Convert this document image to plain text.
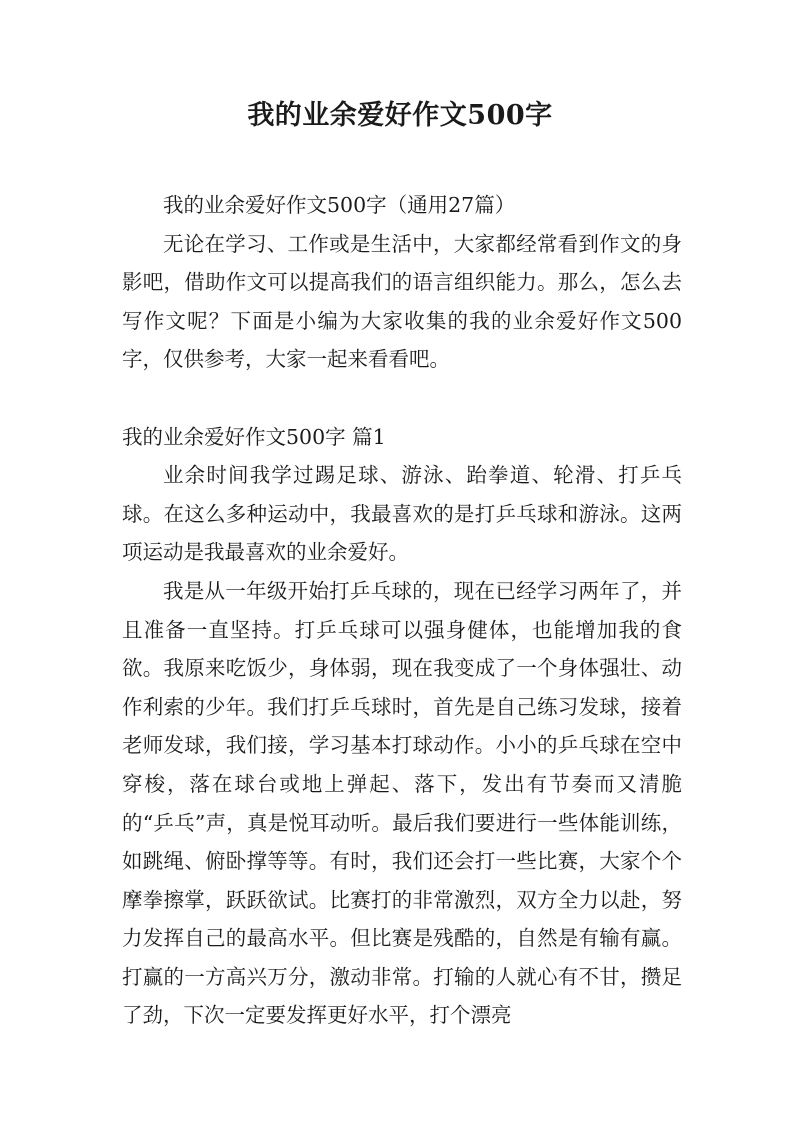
我的业余爱好作文500字

我的业余爱好作文500字（通用27篇）

无论在学习、工作或是生活中，大家都经常看到作文的身影吧，借助作文可以提高我们的语言组织能力。那么，怎么去写作文呢？下面是小编为大家收集的我的业余爱好作文500字，仅供参考，大家一起来看看吧。

我的业余爱好作文500字 篇1

业余时间我学过踢足球、游泳、跆拳道、轮滑、打乒乓球。在这么多种运动中，我最喜欢的是打乒乓球和游泳。这两项运动是我最喜欢的业余爱好。

我是从一年级开始打乒乓球的，现在已经学习两年了，并且准备一直坚持。打乒乓球可以强身健体，也能增加我的食欲。我原来吃饭少，身体弱，现在我变成了一个身体强壮、动作利索的少年。我们打乒乓球时，首先是自己练习发球，接着老师发球，我们接，学习基本打球动作。小小的乒乓球在空中穿梭，落在球台或地上弹起、落下，发出有节奏而又清脆的“乒乓”声，真是悦耳动听。最后我们要进行一些体能训练，如跳绳、俯卧撑等等。有时，我们还会打一些比赛，大家个个摩拳擦掌，跃跃欲试。比赛打的非常激烈，双方全力以赴，努力发挥自己的最高水平。但比赛是残酷的，自然是有输有赢。打赢的一方高兴万分，激动非常。打输的人就心有不甘，攒足了劲，下次一定要发挥更好水平，打个漂亮
